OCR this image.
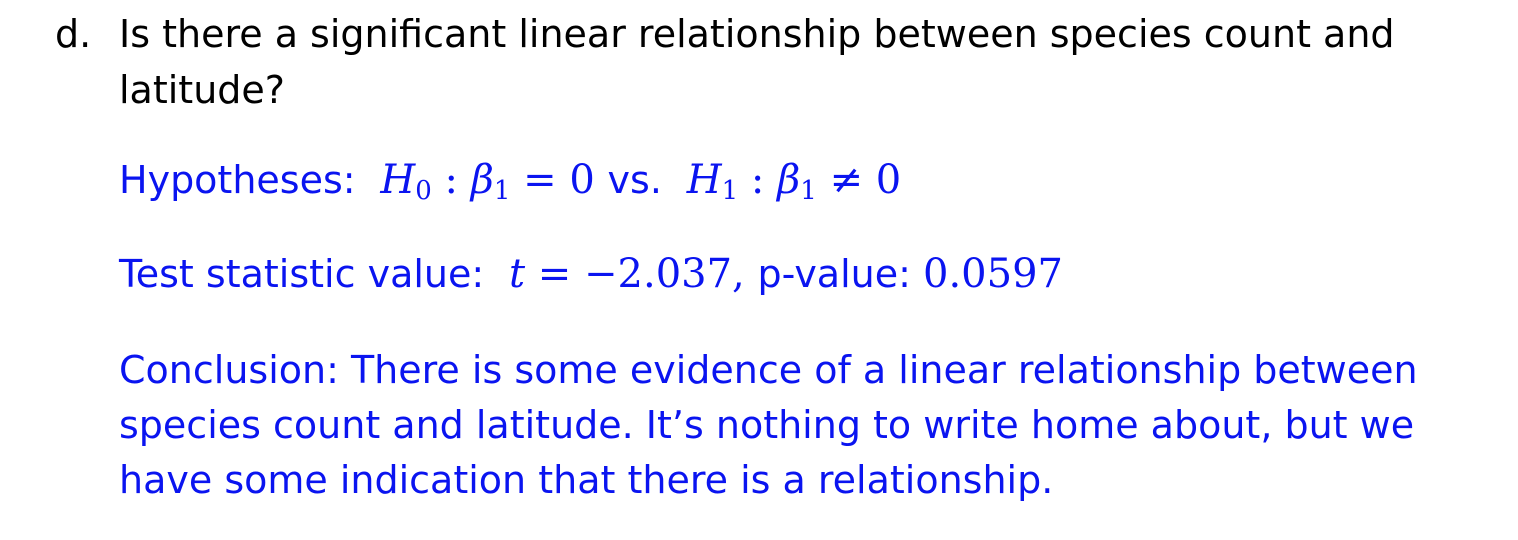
d. Is there a significant linear relationship between species count and latitude?
Hypotheses: $H_0$ : $\beta_1 = 0$ vs. $H_1$ : $\beta_1 \ne 0$
Test statistic value: t = −2.037, p-value: 0.0597
Conclusion: There is some evidence of a linear relationship between species count and latitude. It’s nothing to write home about, but we have some indication that there is a relationship.
